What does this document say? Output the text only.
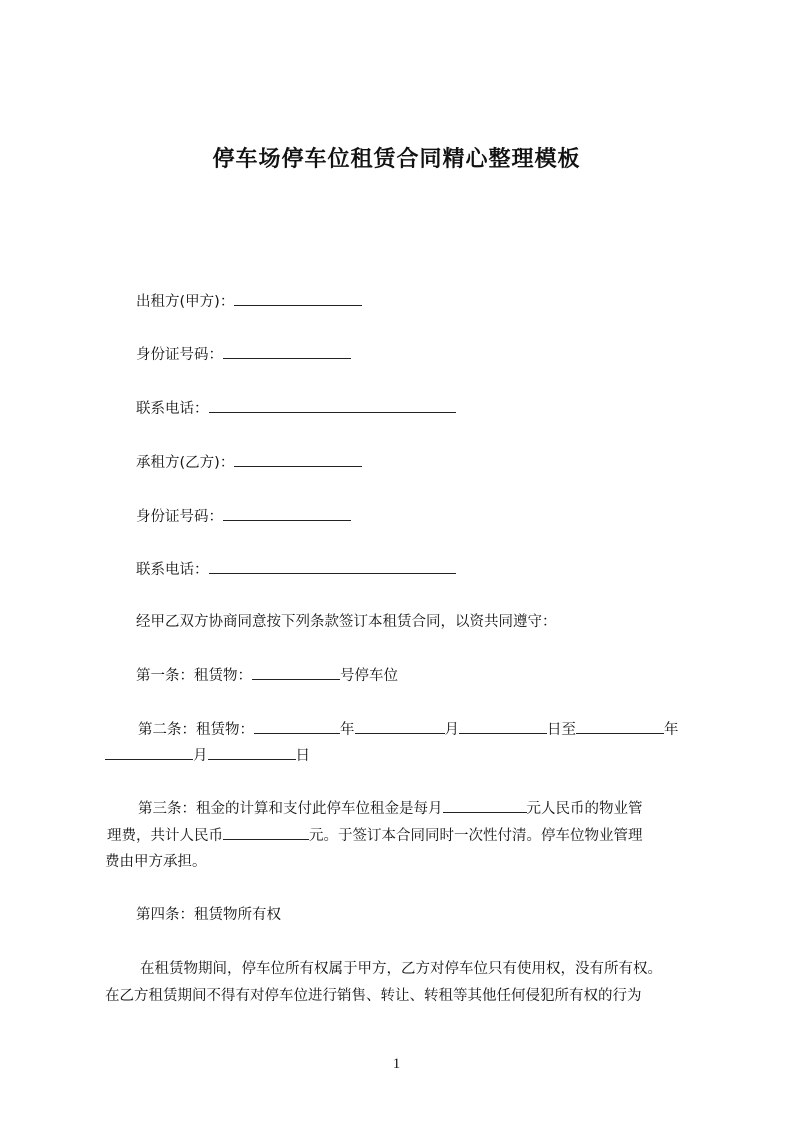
停车场停车位租赁合同精心整理模板
出租方(甲方)：
身份证号码：
联系电话：
承租方(乙方)：
身份证号码：
联系电话：
经甲乙双方协商同意按下列条款签订本租赁合同，以资共同遵守：
第一条：租赁物：	号停车位
第二条：租赁物：	年	月	日至	年
月	日
第三条：租金的计算和支付此停车位租金是每月	元人民币的物业管
理费，共计人民币	元。于签订本合同同时一次性付清。停车位物业管理
费由甲方承担。
第四条：租赁物所有权
在租赁物期间，停车位所有权属于甲方，乙方对停车位只有使用权，没有所有权。
在乙方租赁期间不得有对停车位进行销售、转让、转租等其他任何侵犯所有权的行为
1
